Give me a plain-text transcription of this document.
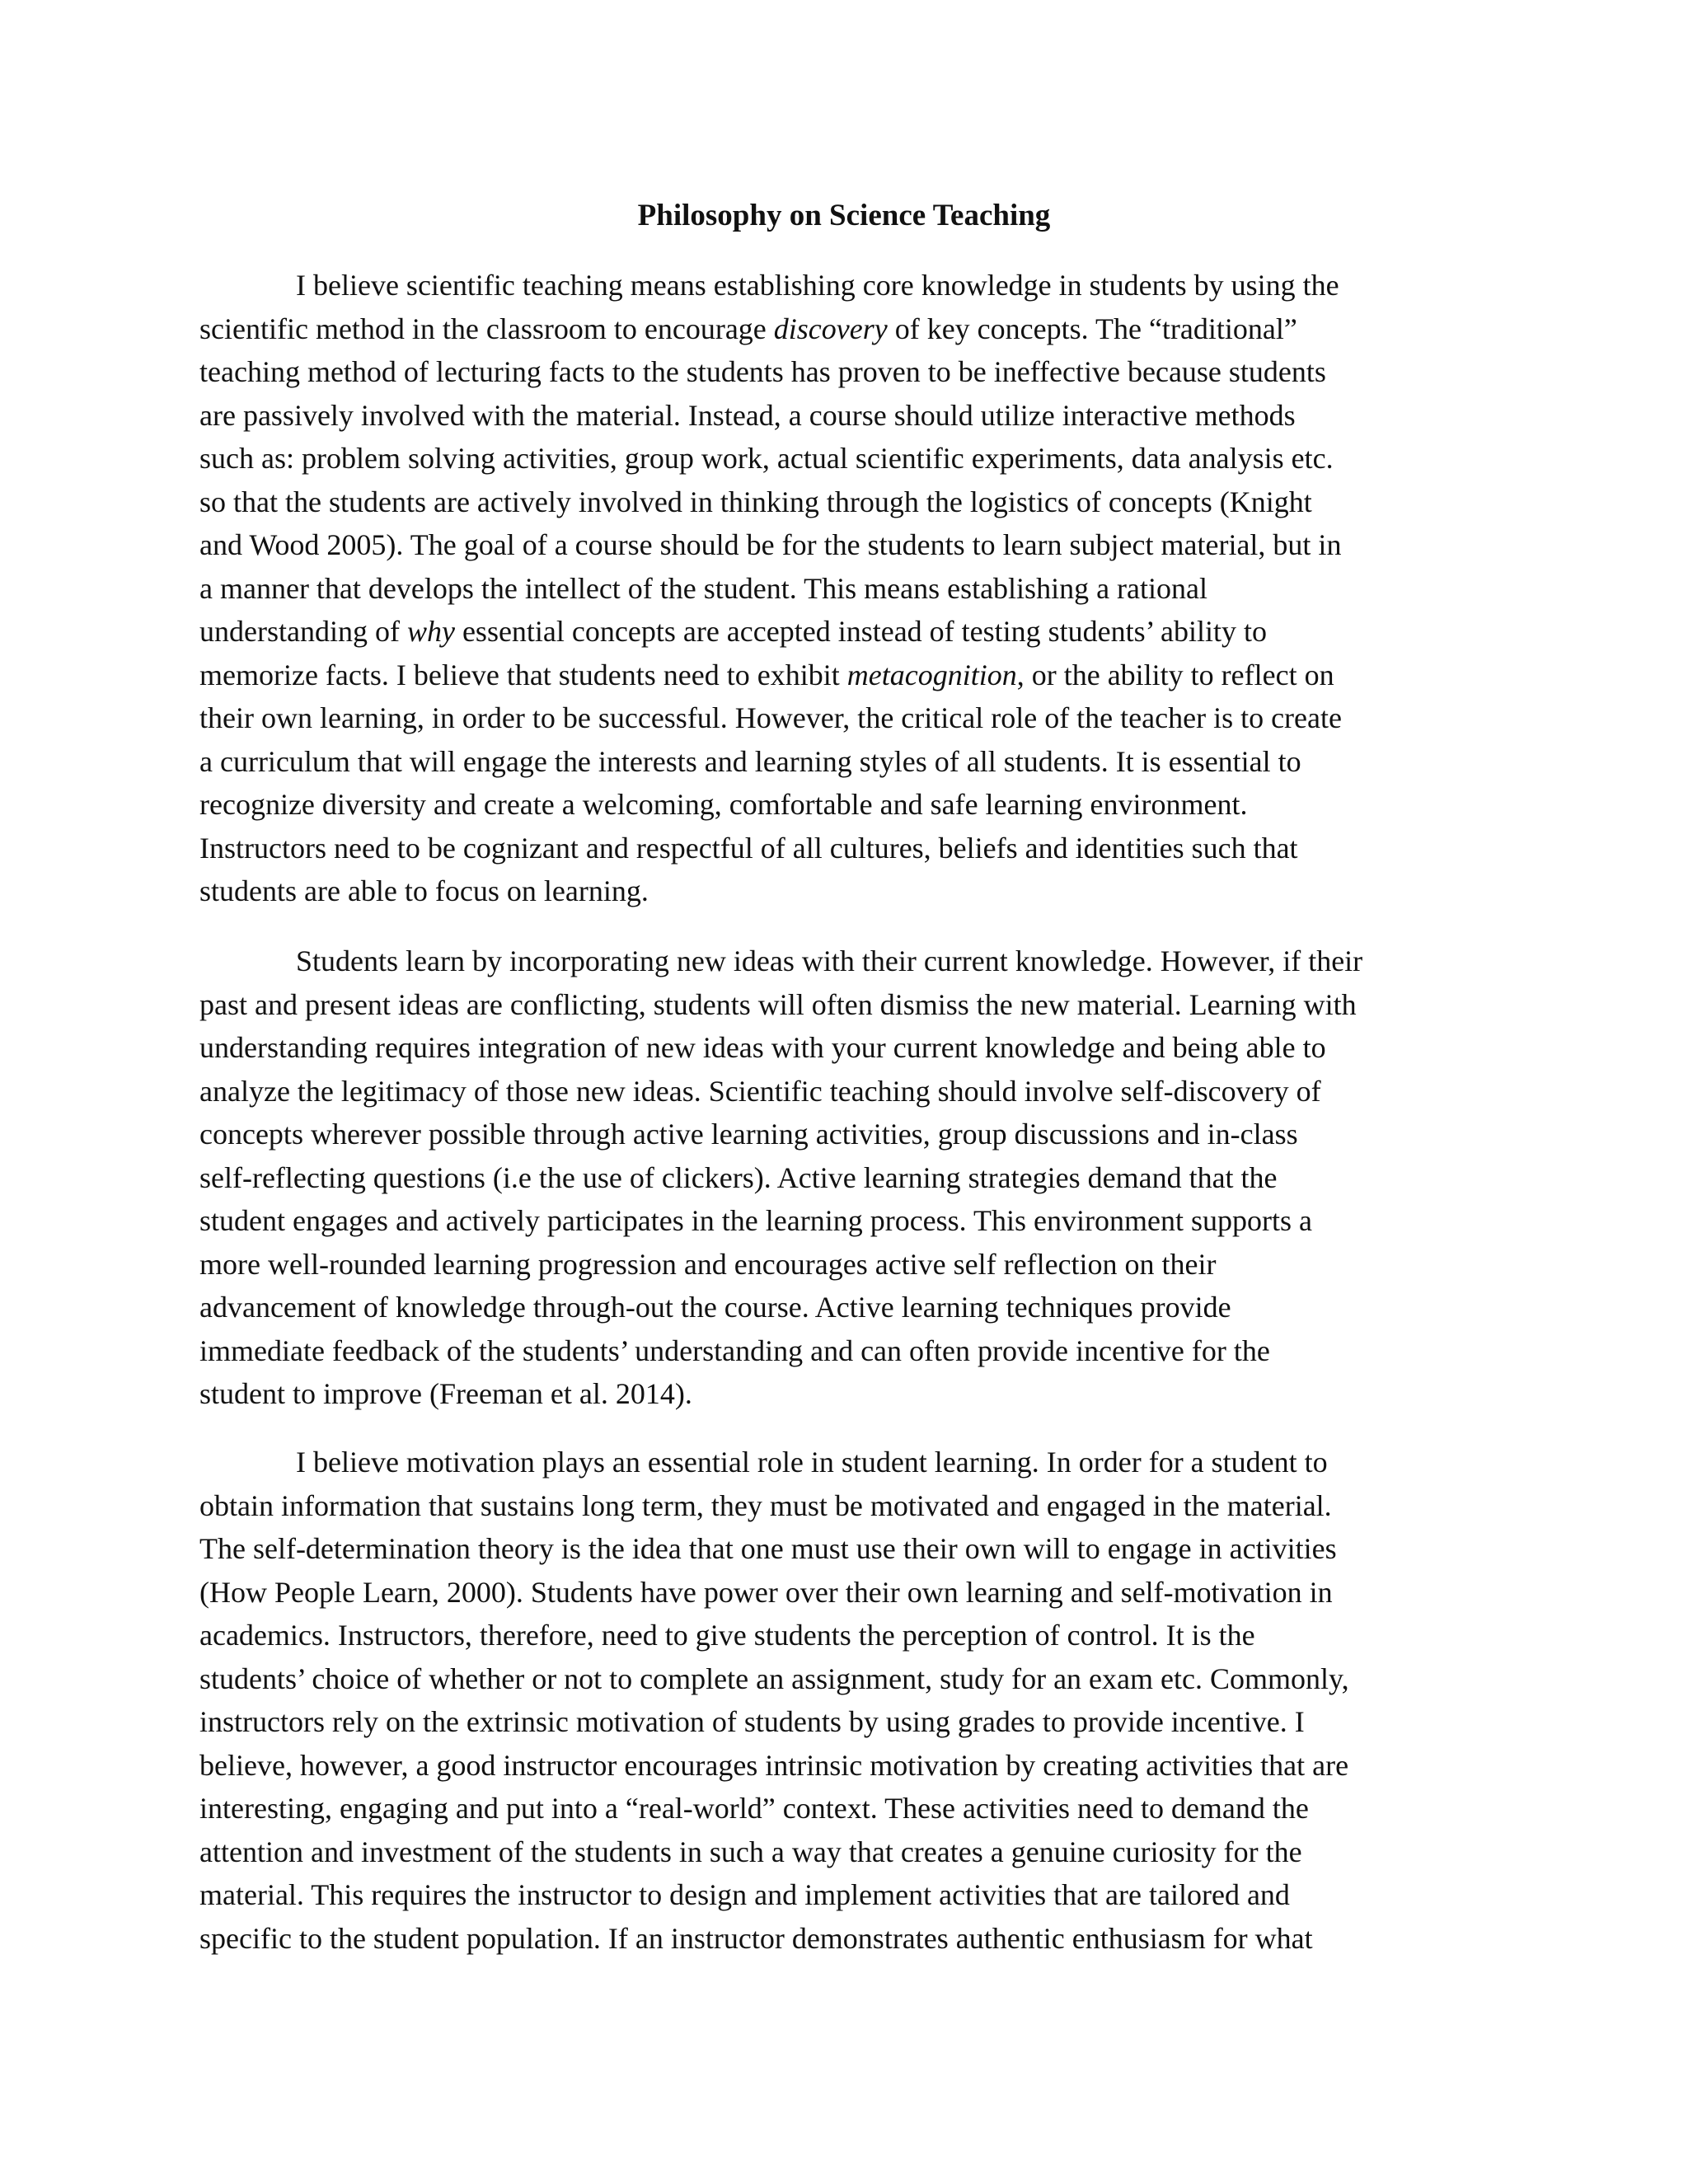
Philosophy on Science Teaching
I believe scientific teaching means establishing core knowledge in students by using the
scientific method in the classroom to encourage discovery of key concepts. The “traditional”
teaching method of lecturing facts to the students has proven to be ineffective because students
are passively involved with the material. Instead, a course should utilize interactive methods
such as: problem solving activities, group work, actual scientific experiments, data analysis etc.
so that the students are actively involved in thinking through the logistics of concepts (Knight
and Wood 2005). The goal of a course should be for the students to learn subject material, but in
a manner that develops the intellect of the student. This means establishing a rational
understanding of why essential concepts are accepted instead of testing students’ ability to
memorize facts. I believe that students need to exhibit metacognition, or the ability to reflect on
their own learning, in order to be successful. However, the critical role of the teacher is to create
a curriculum that will engage the interests and learning styles of all students. It is essential to
recognize diversity and create a welcoming, comfortable and safe learning environment.
Instructors need to be cognizant and respectful of all cultures, beliefs and identities such that
students are able to focus on learning.
Students learn by incorporating new ideas with their current knowledge. However, if their
past and present ideas are conflicting, students will often dismiss the new material. Learning with
understanding requires integration of new ideas with your current knowledge and being able to
analyze the legitimacy of those new ideas. Scientific teaching should involve self-discovery of
concepts wherever possible through active learning activities, group discussions and in-class
self-reflecting questions (i.e the use of clickers). Active learning strategies demand that the
student engages and actively participates in the learning process. This environment supports a
more well-rounded learning progression and encourages active self reflection on their
advancement of knowledge through-out the course. Active learning techniques provide
immediate feedback of the students’ understanding and can often provide incentive for the
student to improve (Freeman et al. 2014).
I believe motivation plays an essential role in student learning. In order for a student to
obtain information that sustains long term, they must be motivated and engaged in the material.
The self-determination theory is the idea that one must use their own will to engage in activities
(How People Learn, 2000). Students have power over their own learning and self-motivation in
academics. Instructors, therefore, need to give students the perception of control. It is the
students’ choice of whether or not to complete an assignment, study for an exam etc. Commonly,
instructors rely on the extrinsic motivation of students by using grades to provide incentive. I
believe, however, a good instructor encourages intrinsic motivation by creating activities that are
interesting, engaging and put into a “real-world” context. These activities need to demand the
attention and investment of the students in such a way that creates a genuine curiosity for the
material. This requires the instructor to design and implement activities that are tailored and
specific to the student population. If an instructor demonstrates authentic enthusiasm for what
